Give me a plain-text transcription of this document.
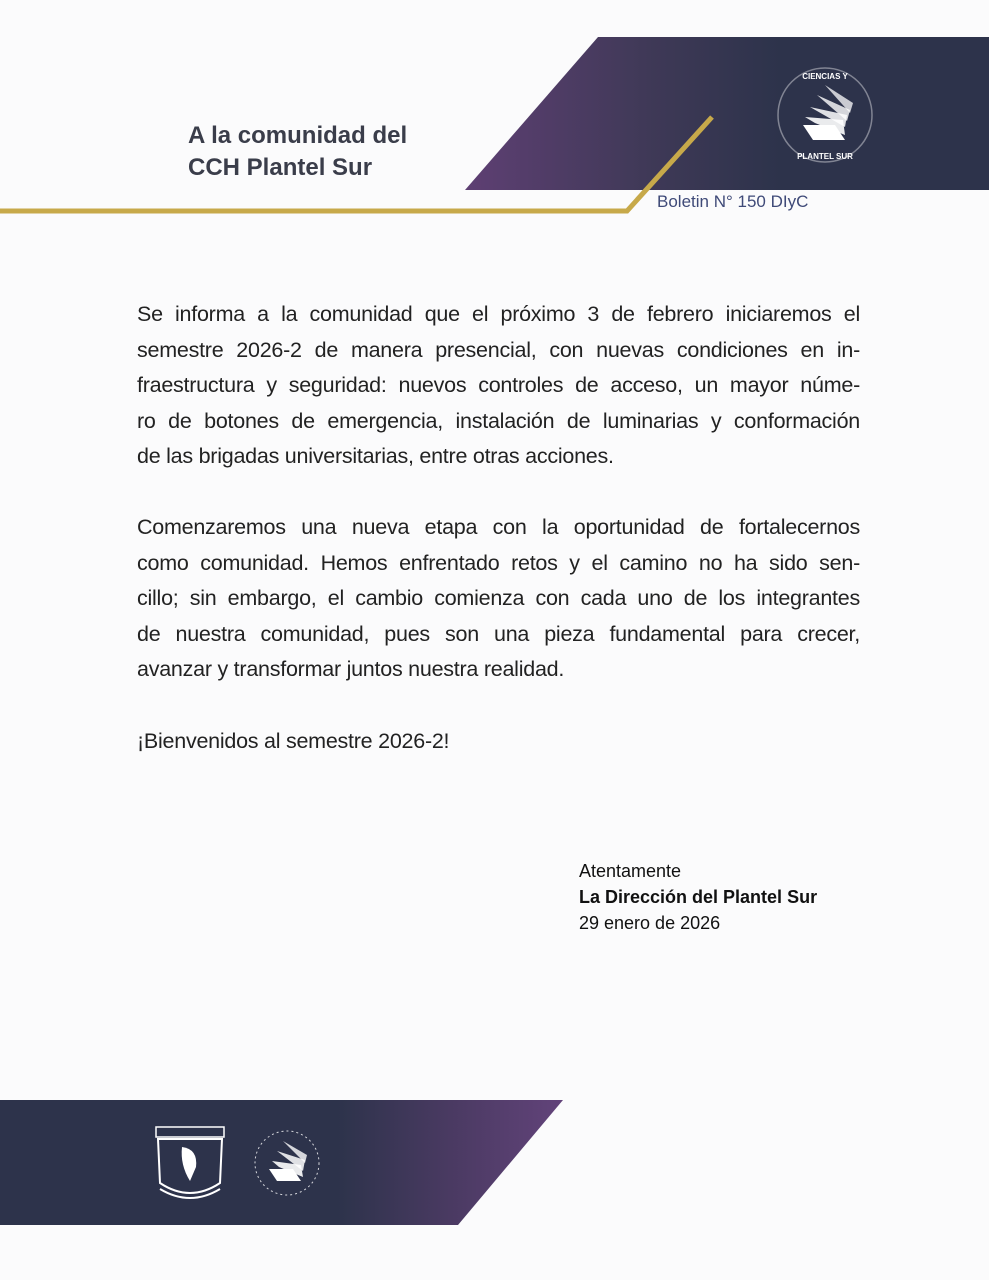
CIENCIAS Y
PLANTEL SUR
A la comunidad del
CCH Plantel Sur
Boletin N° 150 DIyC
Se informa a la comunidad que el próximo 3 de febrero iniciaremos el
semestre 2026-2 de manera presencial, con nuevas condiciones en in-
fraestructura y seguridad: nuevos controles de acceso, un mayor núme-
ro de botones de emergencia, instalación de luminarias y conformación
de las brigadas universitarias, entre otras acciones.
Comenzaremos una nueva etapa con la oportunidad de fortalecernos
como comunidad. Hemos enfrentado retos y el camino no ha sido sen-
cillo; sin embargo, el cambio comienza con cada uno de los integrantes
de nuestra comunidad, pues son una pieza fundamental para crecer,
avanzar y transformar juntos nuestra realidad.
¡Bienvenidos al semestre 2026-2!
Atentamente
La Dirección del Plantel Sur
29 enero de 2026
